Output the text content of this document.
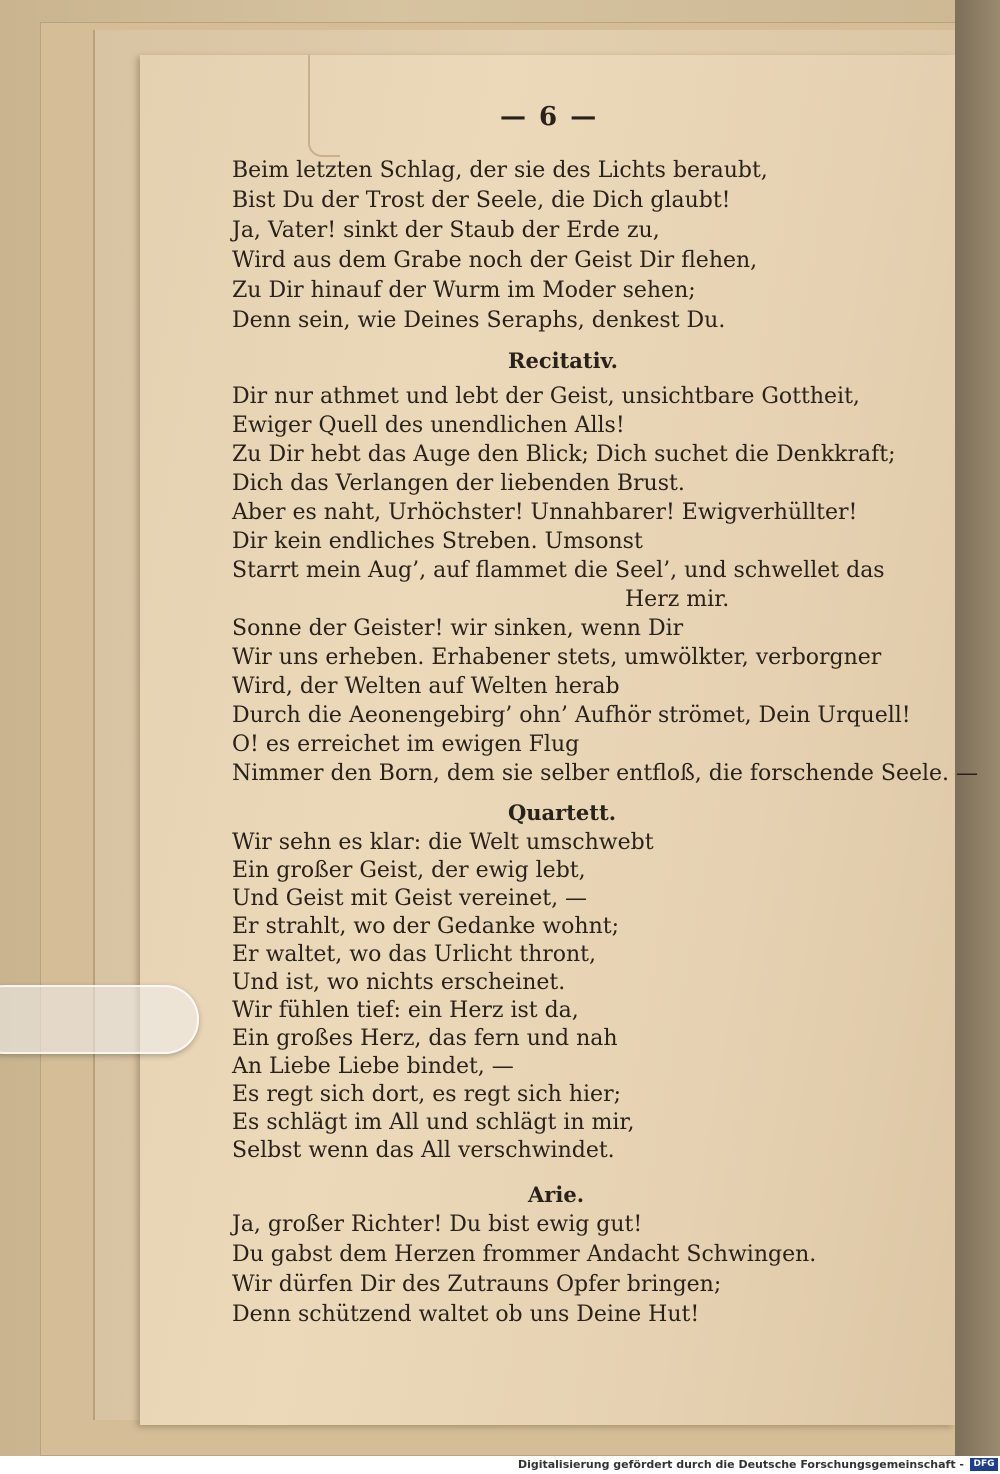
— 6 —
Beim letzten Schlag, der sie des Lichts beraubt,
Bist Du der Trost der Seele, die Dich glaubt!
Ja, Vater! sinkt der Staub der Erde zu,
Wird aus dem Grabe noch der Geist Dir flehen,
Zu Dir hinauf der Wurm im Moder sehen;
Denn sein, wie Deines Seraphs, denkest Du.
Recitativ.
Dir nur athmet und lebt der Geist, unsichtbare Gottheit,
Ewiger Quell des unendlichen Alls!
Zu Dir hebt das Auge den Blick; Dich suchet die Denkkraft;
Dich das Verlangen der liebenden Brust.
Aber es naht, Urhöchster! Unnahbarer! Ewigverhüllter!
Dir kein endliches Streben. Umsonst
Starrt mein Aug’, auf flammet die Seel’, und schwellet das
Herz mir.
Sonne der Geister! wir sinken, wenn Dir
Wir uns erheben. Erhabener stets, umwölkter, verborgner
Wird, der Welten auf Welten herab
Durch die Aeonengebirg’ ohn’ Aufhör strömet, Dein Urquell!
O! es erreichet im ewigen Flug
Nimmer den Born, dem sie selber entfloß, die forschende Seele. —
Quartett.
Wir sehn es klar: die Welt umschwebt
Ein großer Geist, der ewig lebt,
Und Geist mit Geist vereinet, —
Er strahlt, wo der Gedanke wohnt;
Er waltet, wo das Urlicht thront,
Und ist, wo nichts erscheinet.
Wir fühlen tief: ein Herz ist da,
Ein großes Herz, das fern und nah
An Liebe Liebe bindet, —
Es regt sich dort, es regt sich hier;
Es schlägt im All und schlägt in mir,
Selbst wenn das All verschwindet.
Arie.
Ja, großer Richter! Du bist ewig gut!
Du gabst dem Herzen frommer Andacht Schwingen.
Wir dürfen Dir des Zutrauns Opfer bringen;
Denn schützend waltet ob uns Deine Hut!
Digitalisierung gefördert durch die Deutsche Forschungsgemeinschaft -	DFG
